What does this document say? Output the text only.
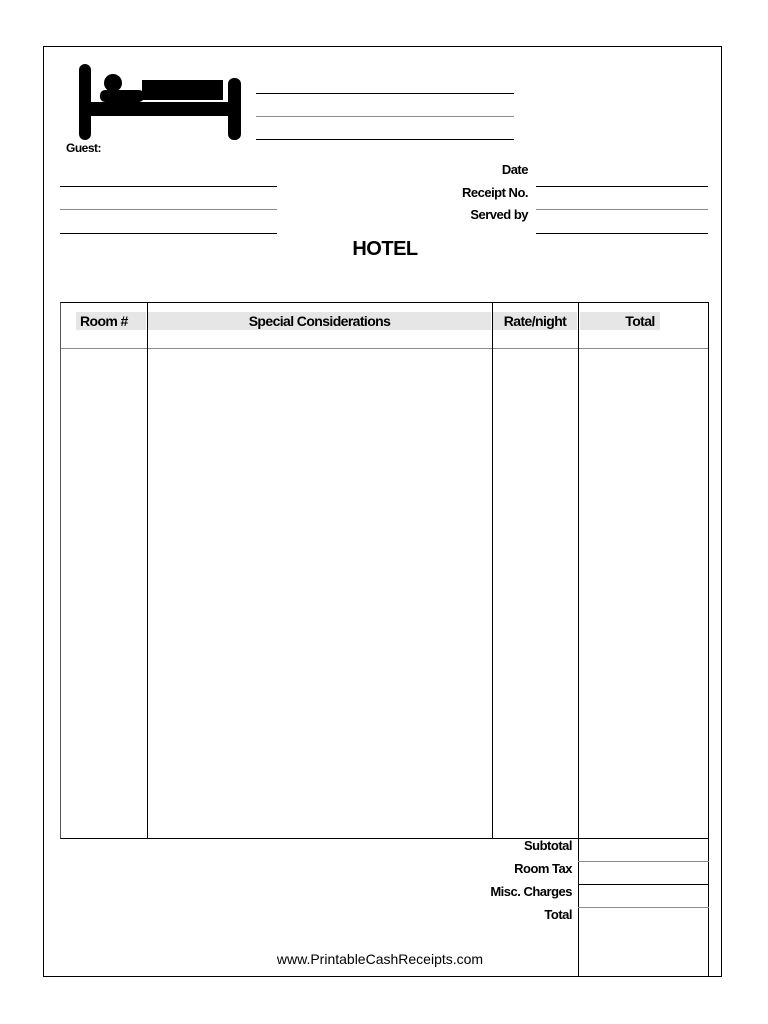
Guest:
Date
Receipt No.
Served by
HOTEL
Room #	Special Considerations	Rate/night	Total
Subtotal
Room Tax
Misc. Charges
Total
www.PrintableCashReceipts.com
